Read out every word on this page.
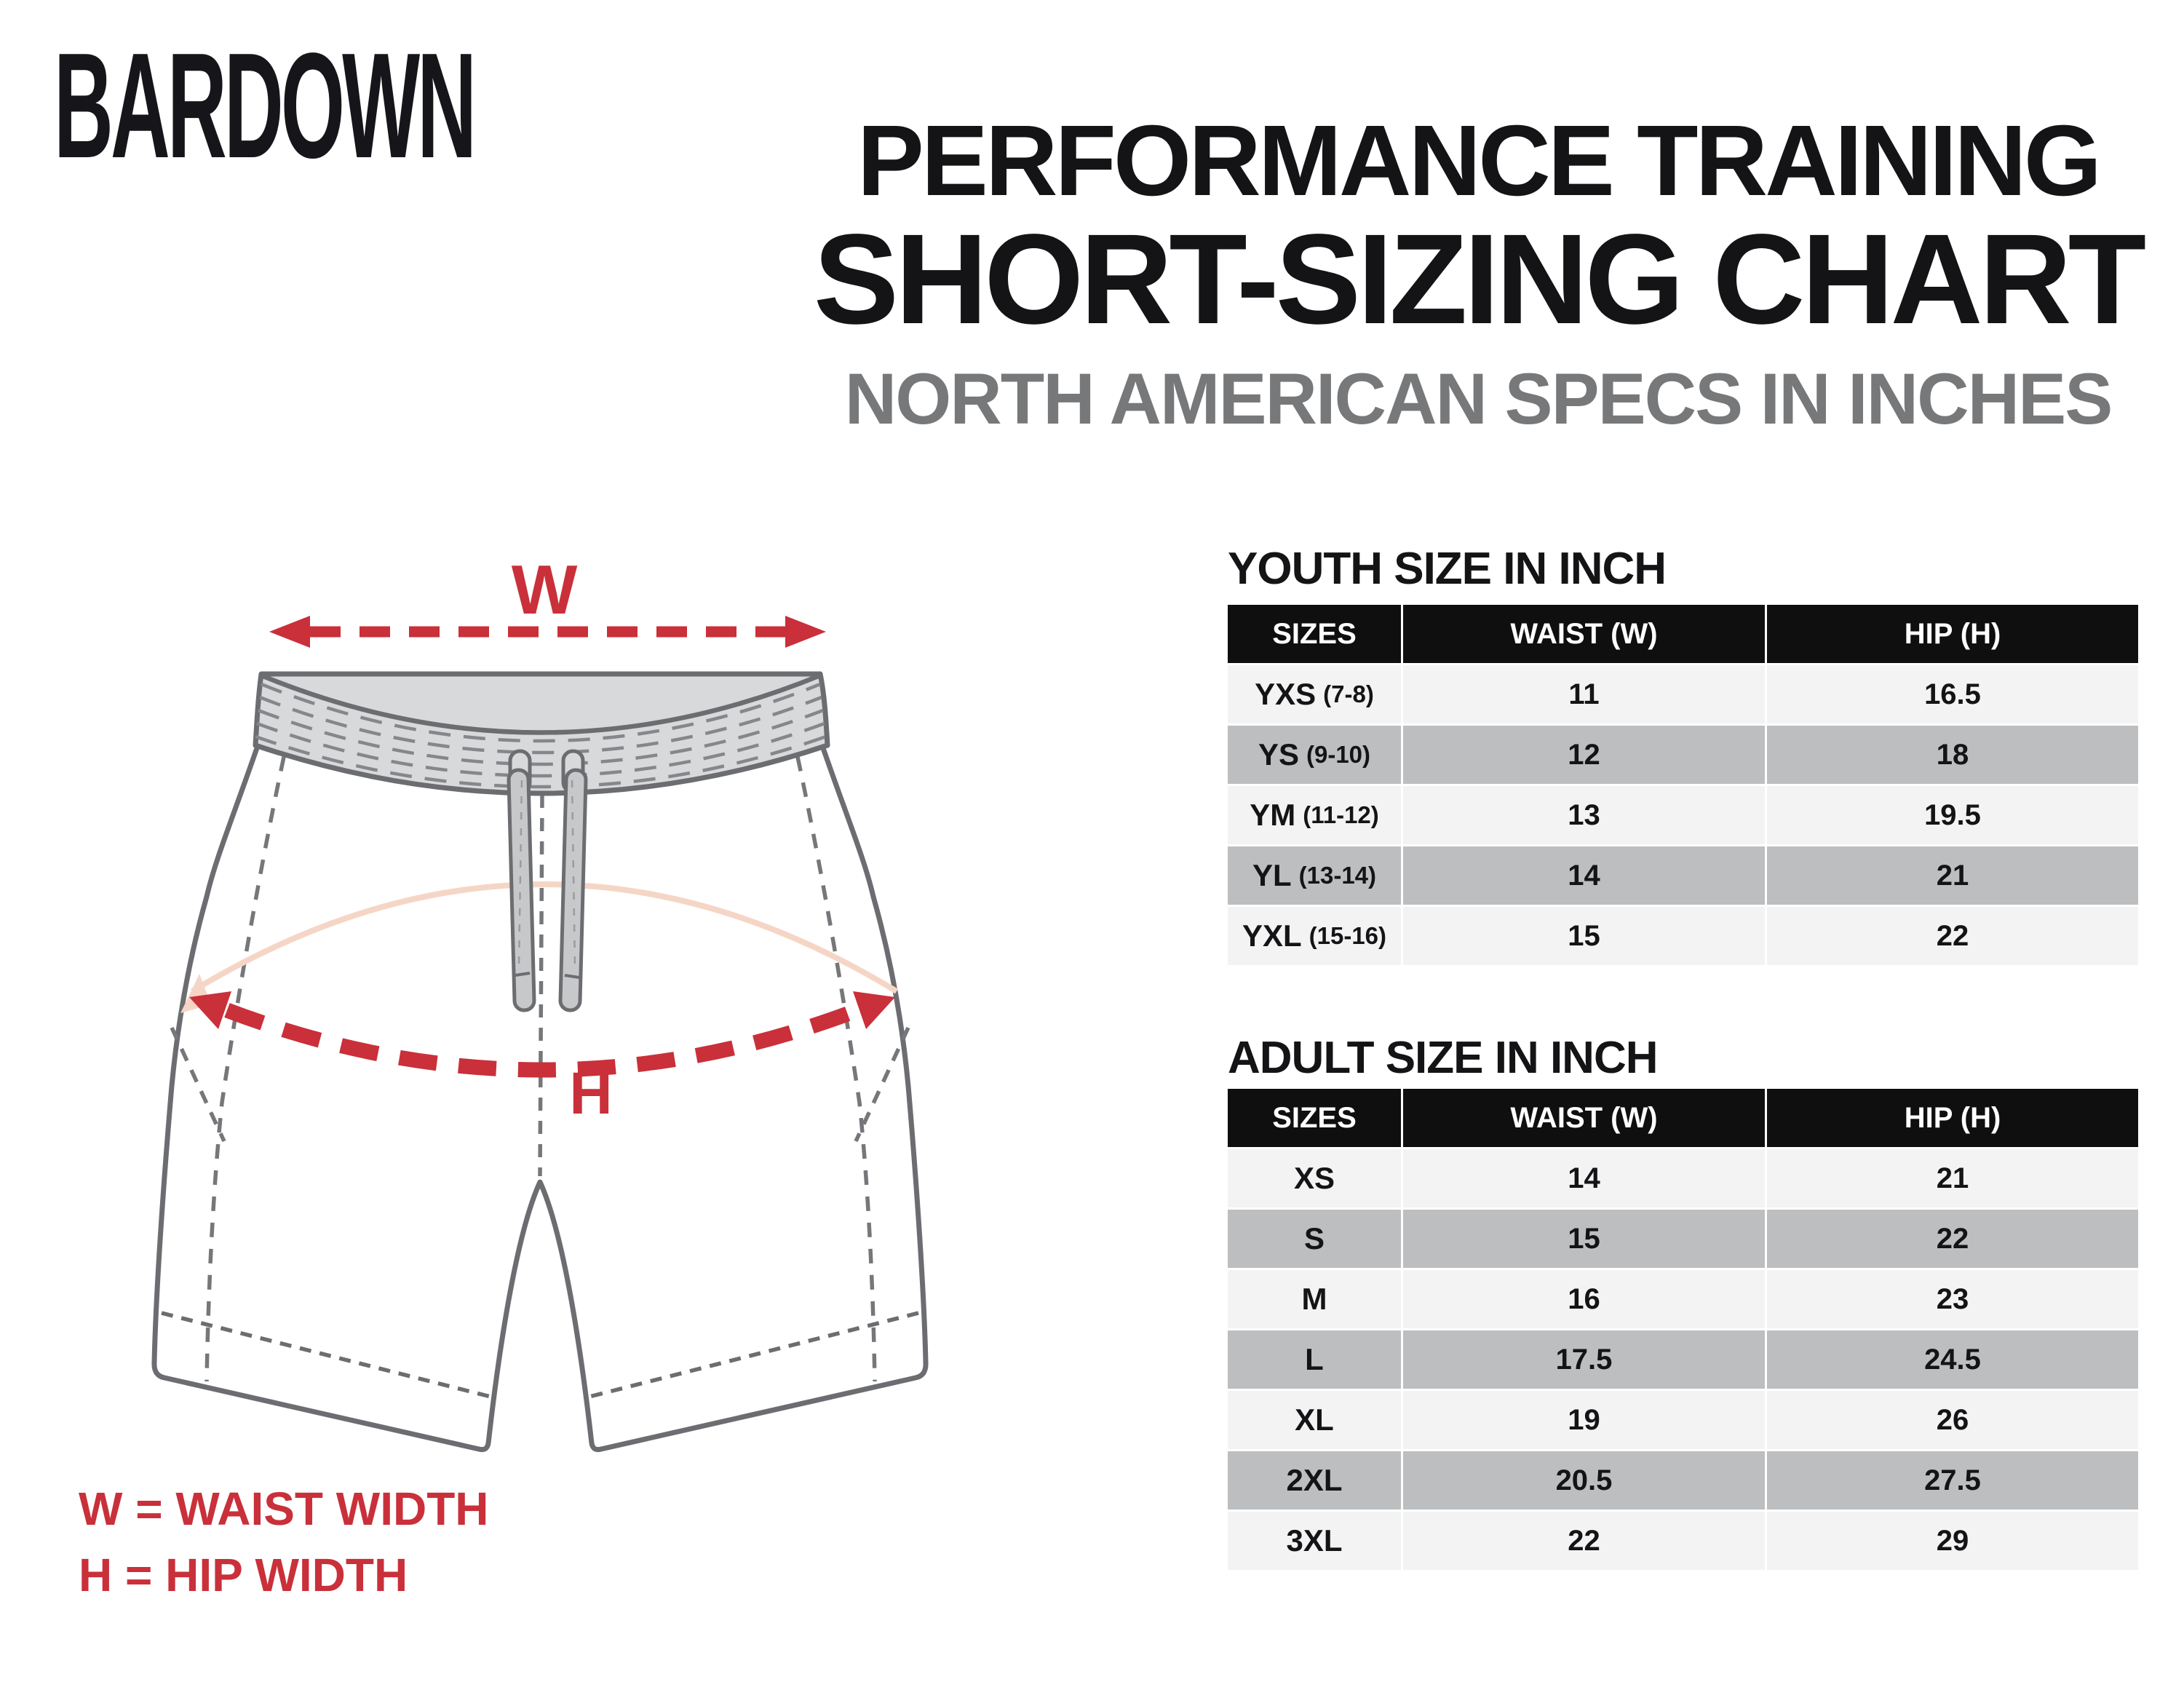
BARDOWN	PERFORMANCE TRAINING
SHORT-SIZING CHART
NORTH AMERICAN SPECS IN INCHES
W
H
W = WAIST WIDTH
H = HIP WIDTH
YOUTH SIZE IN INCH
SIZES	WAIST (W)	HIP (H)
YXS (7-8)	11	16.5
YS (9-10)	12	18
YM (11-12)	13	19.5
YL (13-14)	14	21
YXL (15-16)	15	22
ADULT SIZE IN INCH
SIZES	WAIST (W)	HIP (H)
XS	14	21
S	15	22
M	16	23
L	17.5	24.5
XL	19	26
2XL	20.5	27.5
3XL	22	29
